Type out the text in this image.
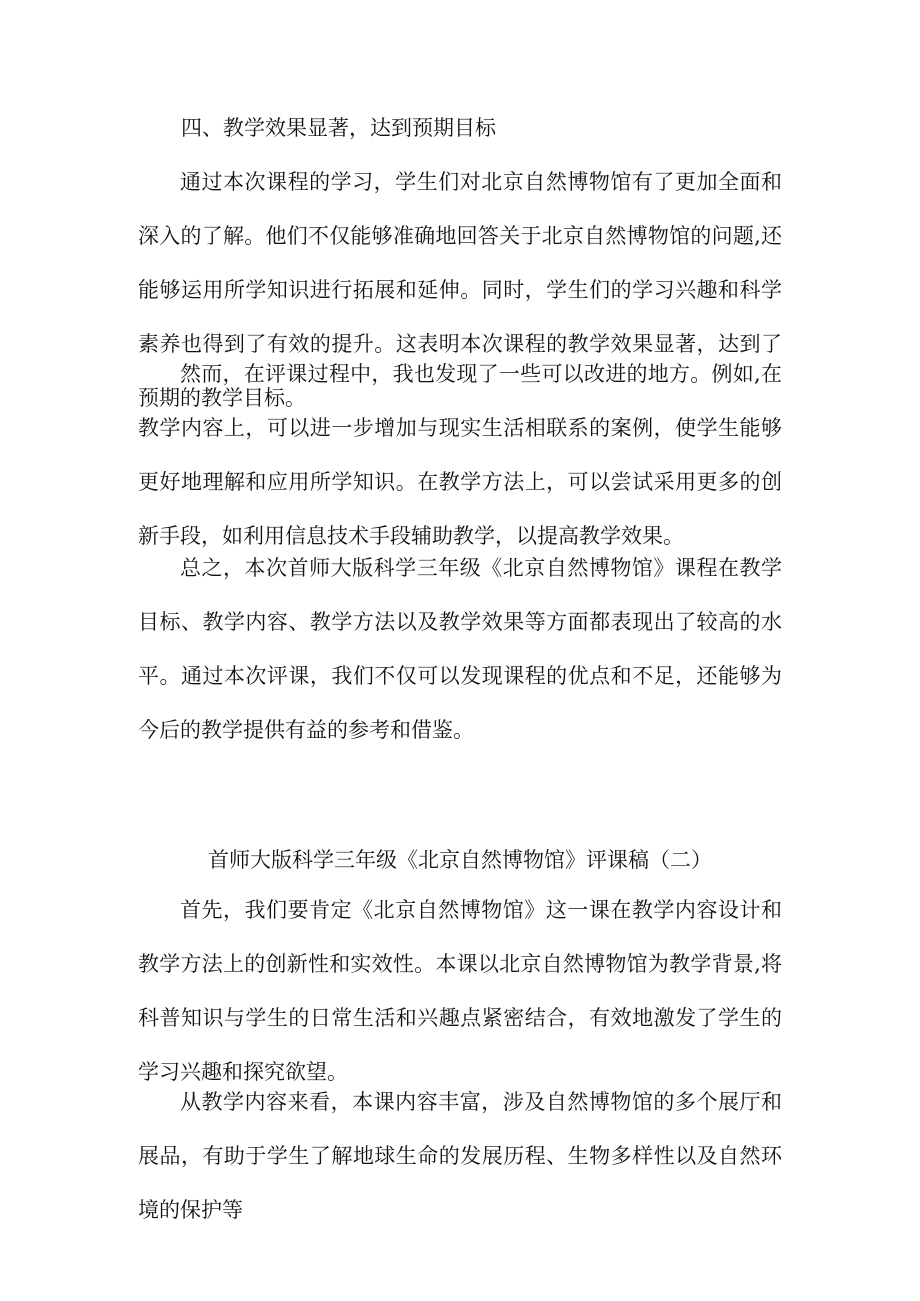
四、教学效果显著，达到预期目标

通过本次课程的学习，学生们对北京自然博物馆有了更加全面和深入的了解。他们不仅能够准确地回答关于北京自然博物馆的问题,还能够运用所学知识进行拓展和延伸。同时，学生们的学习兴趣和科学素养也得到了有效的提升。这表明本次课程的教学效果显著，达到了预期的教学目标。

然而，在评课过程中，我也发现了一些可以改进的地方。例如,在教学内容上，可以进一步增加与现实生活相联系的案例，使学生能够更好地理解和应用所学知识。在教学方法上，可以尝试采用更多的创新手段，如利用信息技术手段辅助教学，以提高教学效果。

总之，本次首师大版科学三年级《北京自然博物馆》课程在教学目标、教学内容、教学方法以及教学效果等方面都表现出了较高的水平。通过本次评课，我们不仅可以发现课程的优点和不足，还能够为今后的教学提供有益的参考和借鉴。

首师大版科学三年级《北京自然博物馆》评课稿（二）

首先，我们要肯定《北京自然博物馆》这一课在教学内容设计和教学方法上的创新性和实效性。本课以北京自然博物馆为教学背景,将科普知识与学生的日常生活和兴趣点紧密结合，有效地激发了学生的学习兴趣和探究欲望。

从教学内容来看，本课内容丰富，涉及自然博物馆的多个展厅和展品，有助于学生了解地球生命的发展历程、生物多样性以及自然环境的保护等
